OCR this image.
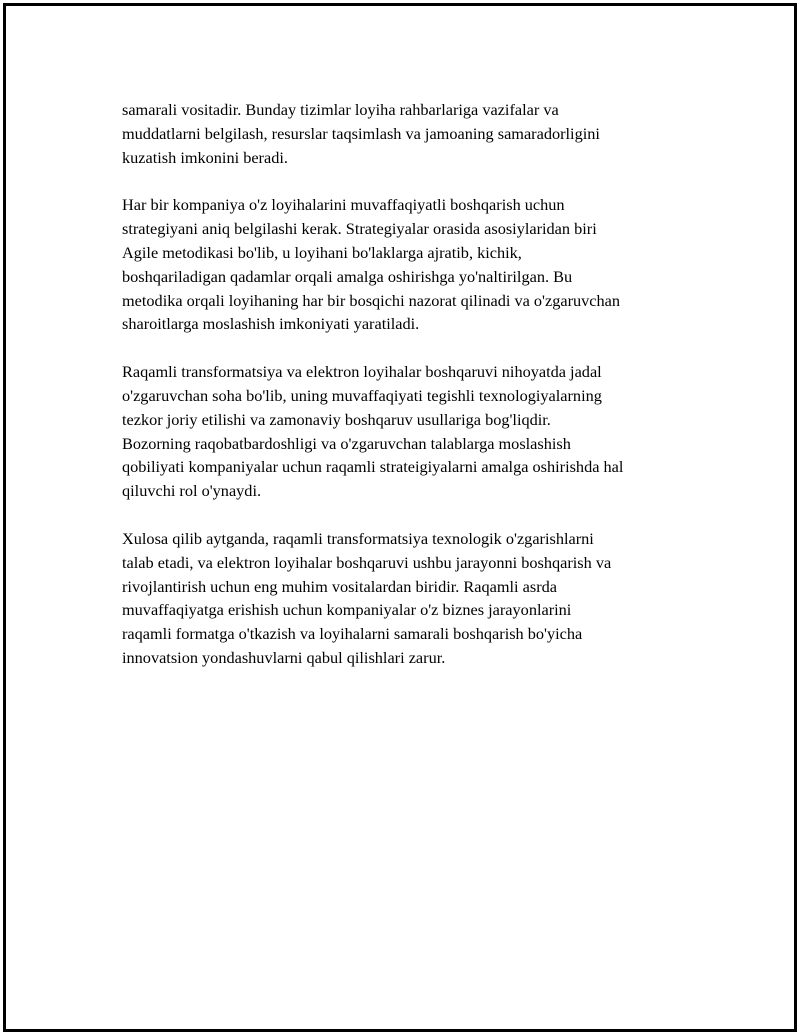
samarali vositadir. Bunday tizimlar loyiha rahbarlariga vazifalar va
muddatlarni belgilash, resurslar taqsimlash va jamoaning samaradorligini
kuzatish imkonini beradi.

Har bir kompaniya o'z loyihalarini muvaffaqiyatli boshqarish uchun
strategiyani aniq belgilashi kerak. Strategiyalar orasida asosiylaridan biri
Agile metodikasi bo'lib, u loyihani bo'laklarga ajratib, kichik,
boshqariladigan qadamlar orqali amalga oshirishga yo'naltirilgan. Bu
metodika orqali loyihaning har bir bosqichi nazorat qilinadi va o'zgaruvchan
sharoitlarga moslashish imkoniyati yaratiladi.

Raqamli transformatsiya va elektron loyihalar boshqaruvi nihoyatda jadal
o'zgaruvchan soha bo'lib, uning muvaffaqiyati tegishli texnologiyalarning
tezkor joriy etilishi va zamonaviy boshqaruv usullariga bog'liqdir.
Bozorning raqobatbardoshligi va o'zgaruvchan talablarga moslashish
qobiliyati kompaniyalar uchun raqamli strateigiyalarni amalga oshirishda hal
qiluvchi rol o'ynaydi.

Xulosa qilib aytganda, raqamli transformatsiya texnologik o'zgarishlarni
talab etadi, va elektron loyihalar boshqaruvi ushbu jarayonni boshqarish va
rivojlantirish uchun eng muhim vositalardan biridir. Raqamli asrda
muvaffaqiyatga erishish uchun kompaniyalar o'z biznes jarayonlarini
raqamli formatga o'tkazish va loyihalarni samarali boshqarish bo'yicha
innovatsion yondashuvlarni qabul qilishlari zarur.
